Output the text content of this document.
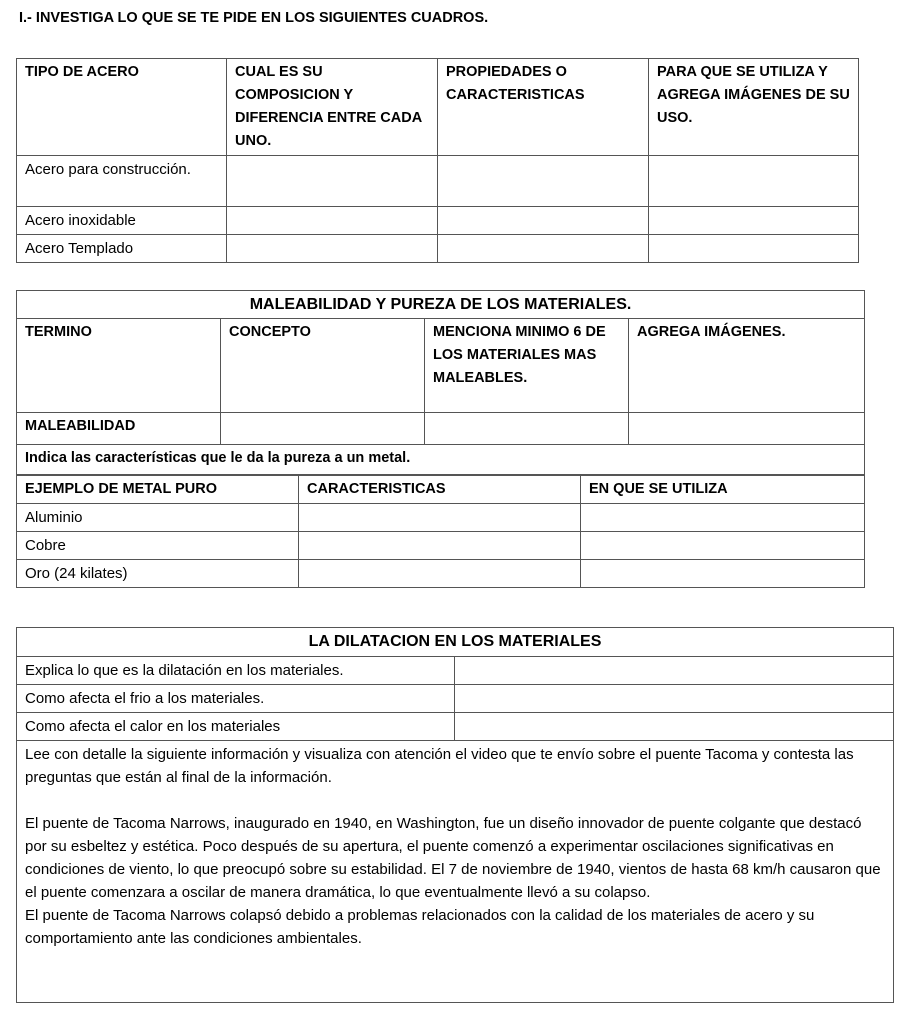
I.- INVESTIGA LO QUE SE TE PIDE EN LOS SIGUIENTES CUADROS.
TIPO DE ACERO	CUAL ES SU COMPOSICION Y DIFERENCIA ENTRE CADA UNO.	PROPIEDADES O CARACTERISTICAS	PARA QUE SE UTILIZA Y AGREGA IMÁGENES DE SU USO.
Acero para construcción.			
Acero inoxidable			
Acero Templado			
MALEABILIDAD Y PUREZA DE LOS MATERIALES.			
TERMINO	CONCEPTO	MENCIONA MINIMO 6 DE LOS MATERIALES MAS MALEABLES.	AGREGA IMÁGENES.
MALEABILIDAD			
Indica las características que le da la pureza a un metal.			
EJEMPLO DE METAL PURO	CARACTERISTICAS	EN QUE SE UTILIZA
Aluminio		
Cobre		
Oro (24 kilates)		
LA DILATACION EN LOS MATERIALES	
Explica lo que es la dilatación en los materiales.	
Como afecta el frio a los materiales.	
Como afecta el calor en los materiales	

Lee con detalle la siguiente información y visualiza con atención el video que te envío sobre el puente Tacoma y contesta las preguntas que están al final de la información.

El puente de Tacoma Narrows, inaugurado en 1940, en Washington, fue un diseño innovador de puente colgante que destacó por su esbeltez y estética. Poco después de su apertura, el puente comenzó a experimentar oscilaciones significativas en condiciones de viento, lo que preocupó sobre su estabilidad. El 7 de noviembre de 1940, vientos de hasta 68 km/h causaron que el puente comenzara a oscilar de manera dramática, lo que eventualmente llevó a su colapso.

El puente de Tacoma Narrows colapsó debido a problemas relacionados con la calidad de los materiales de acero y su comportamiento ante las condiciones ambientales.	
